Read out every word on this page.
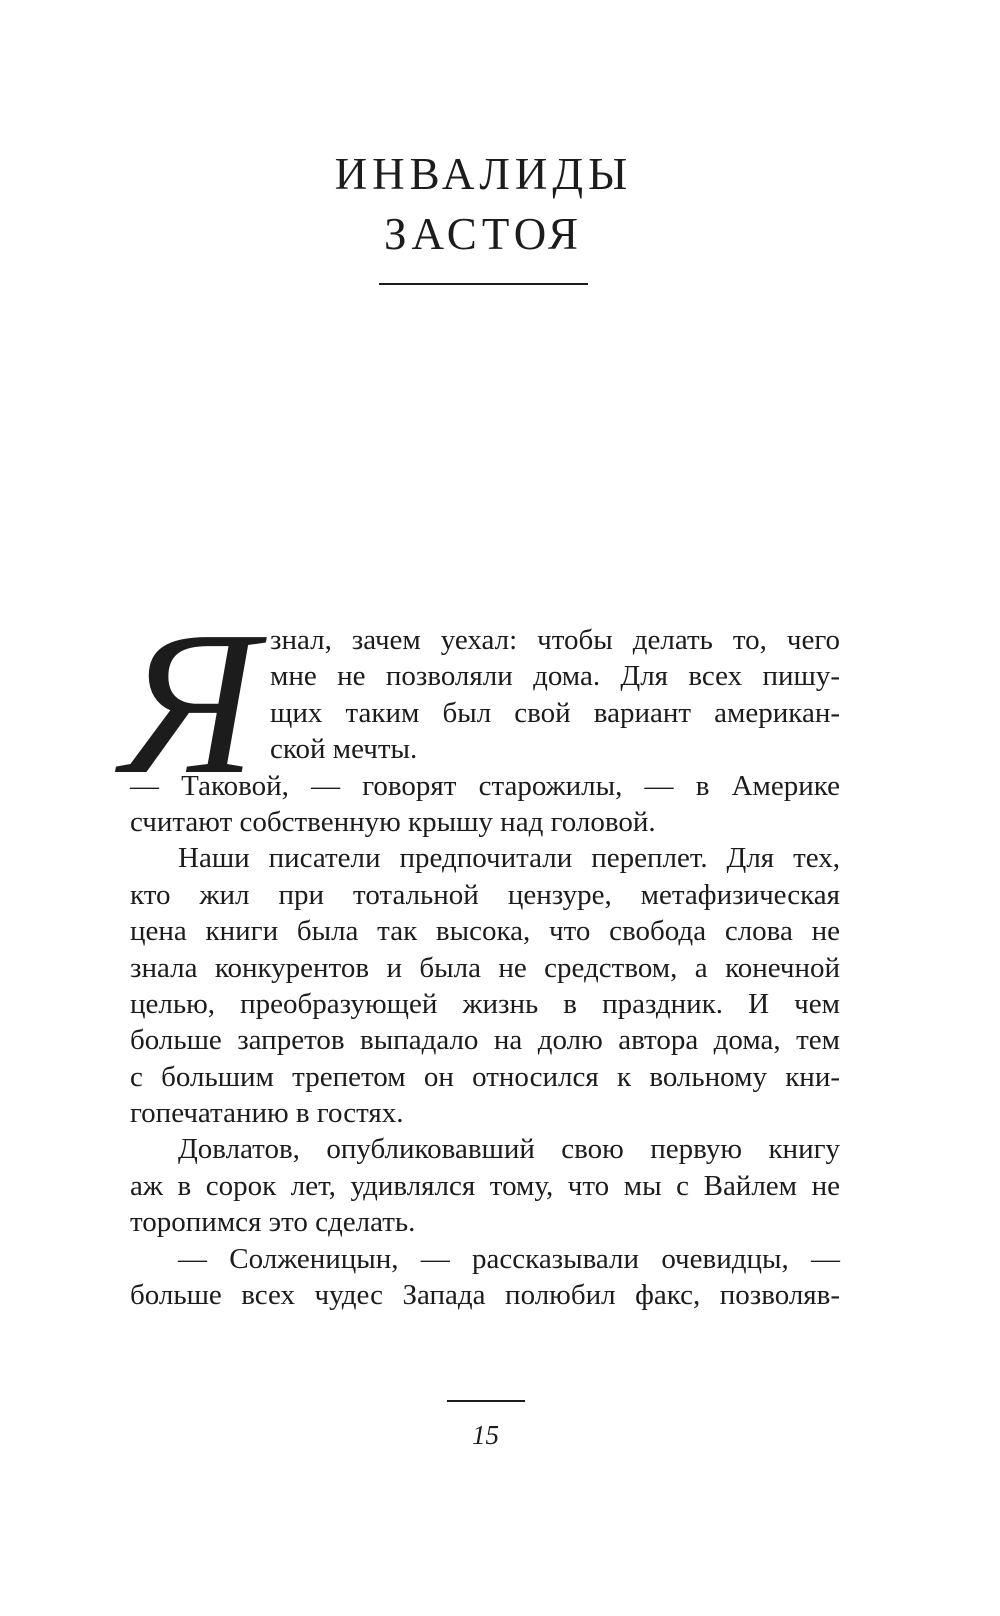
ИНВАЛИДЫ
ЗАСТОЯ
Я знал, зачем уехал: чтобы делать то, чего
мне не позволяли дома. Для всех пишу-
щих таким был свой вариант американ-
ской мечты.
— Таковой, — говорят старожилы, — в Америке
считают собственную крышу над головой.
Наши писатели предпочитали переплет. Для тех,
кто жил при тотальной цензуре, метафизическая
цена книги была так высока, что свобода слова не
знала конкурентов и была не средством, а конечной
целью, преобразующей жизнь в праздник. И чем
больше запретов выпадало на долю автора дома, тем
с большим трепетом он относился к вольному кни-
гопечатанию в гостях.
Довлатов, опубликовавший свою первую книгу
аж в сорок лет, удивлялся тому, что мы с Вайлем не
торопимся это сделать.
— Солженицын, — рассказывали очевидцы, —
больше всех чудес Запада полюбил факс, позволяв-
15
